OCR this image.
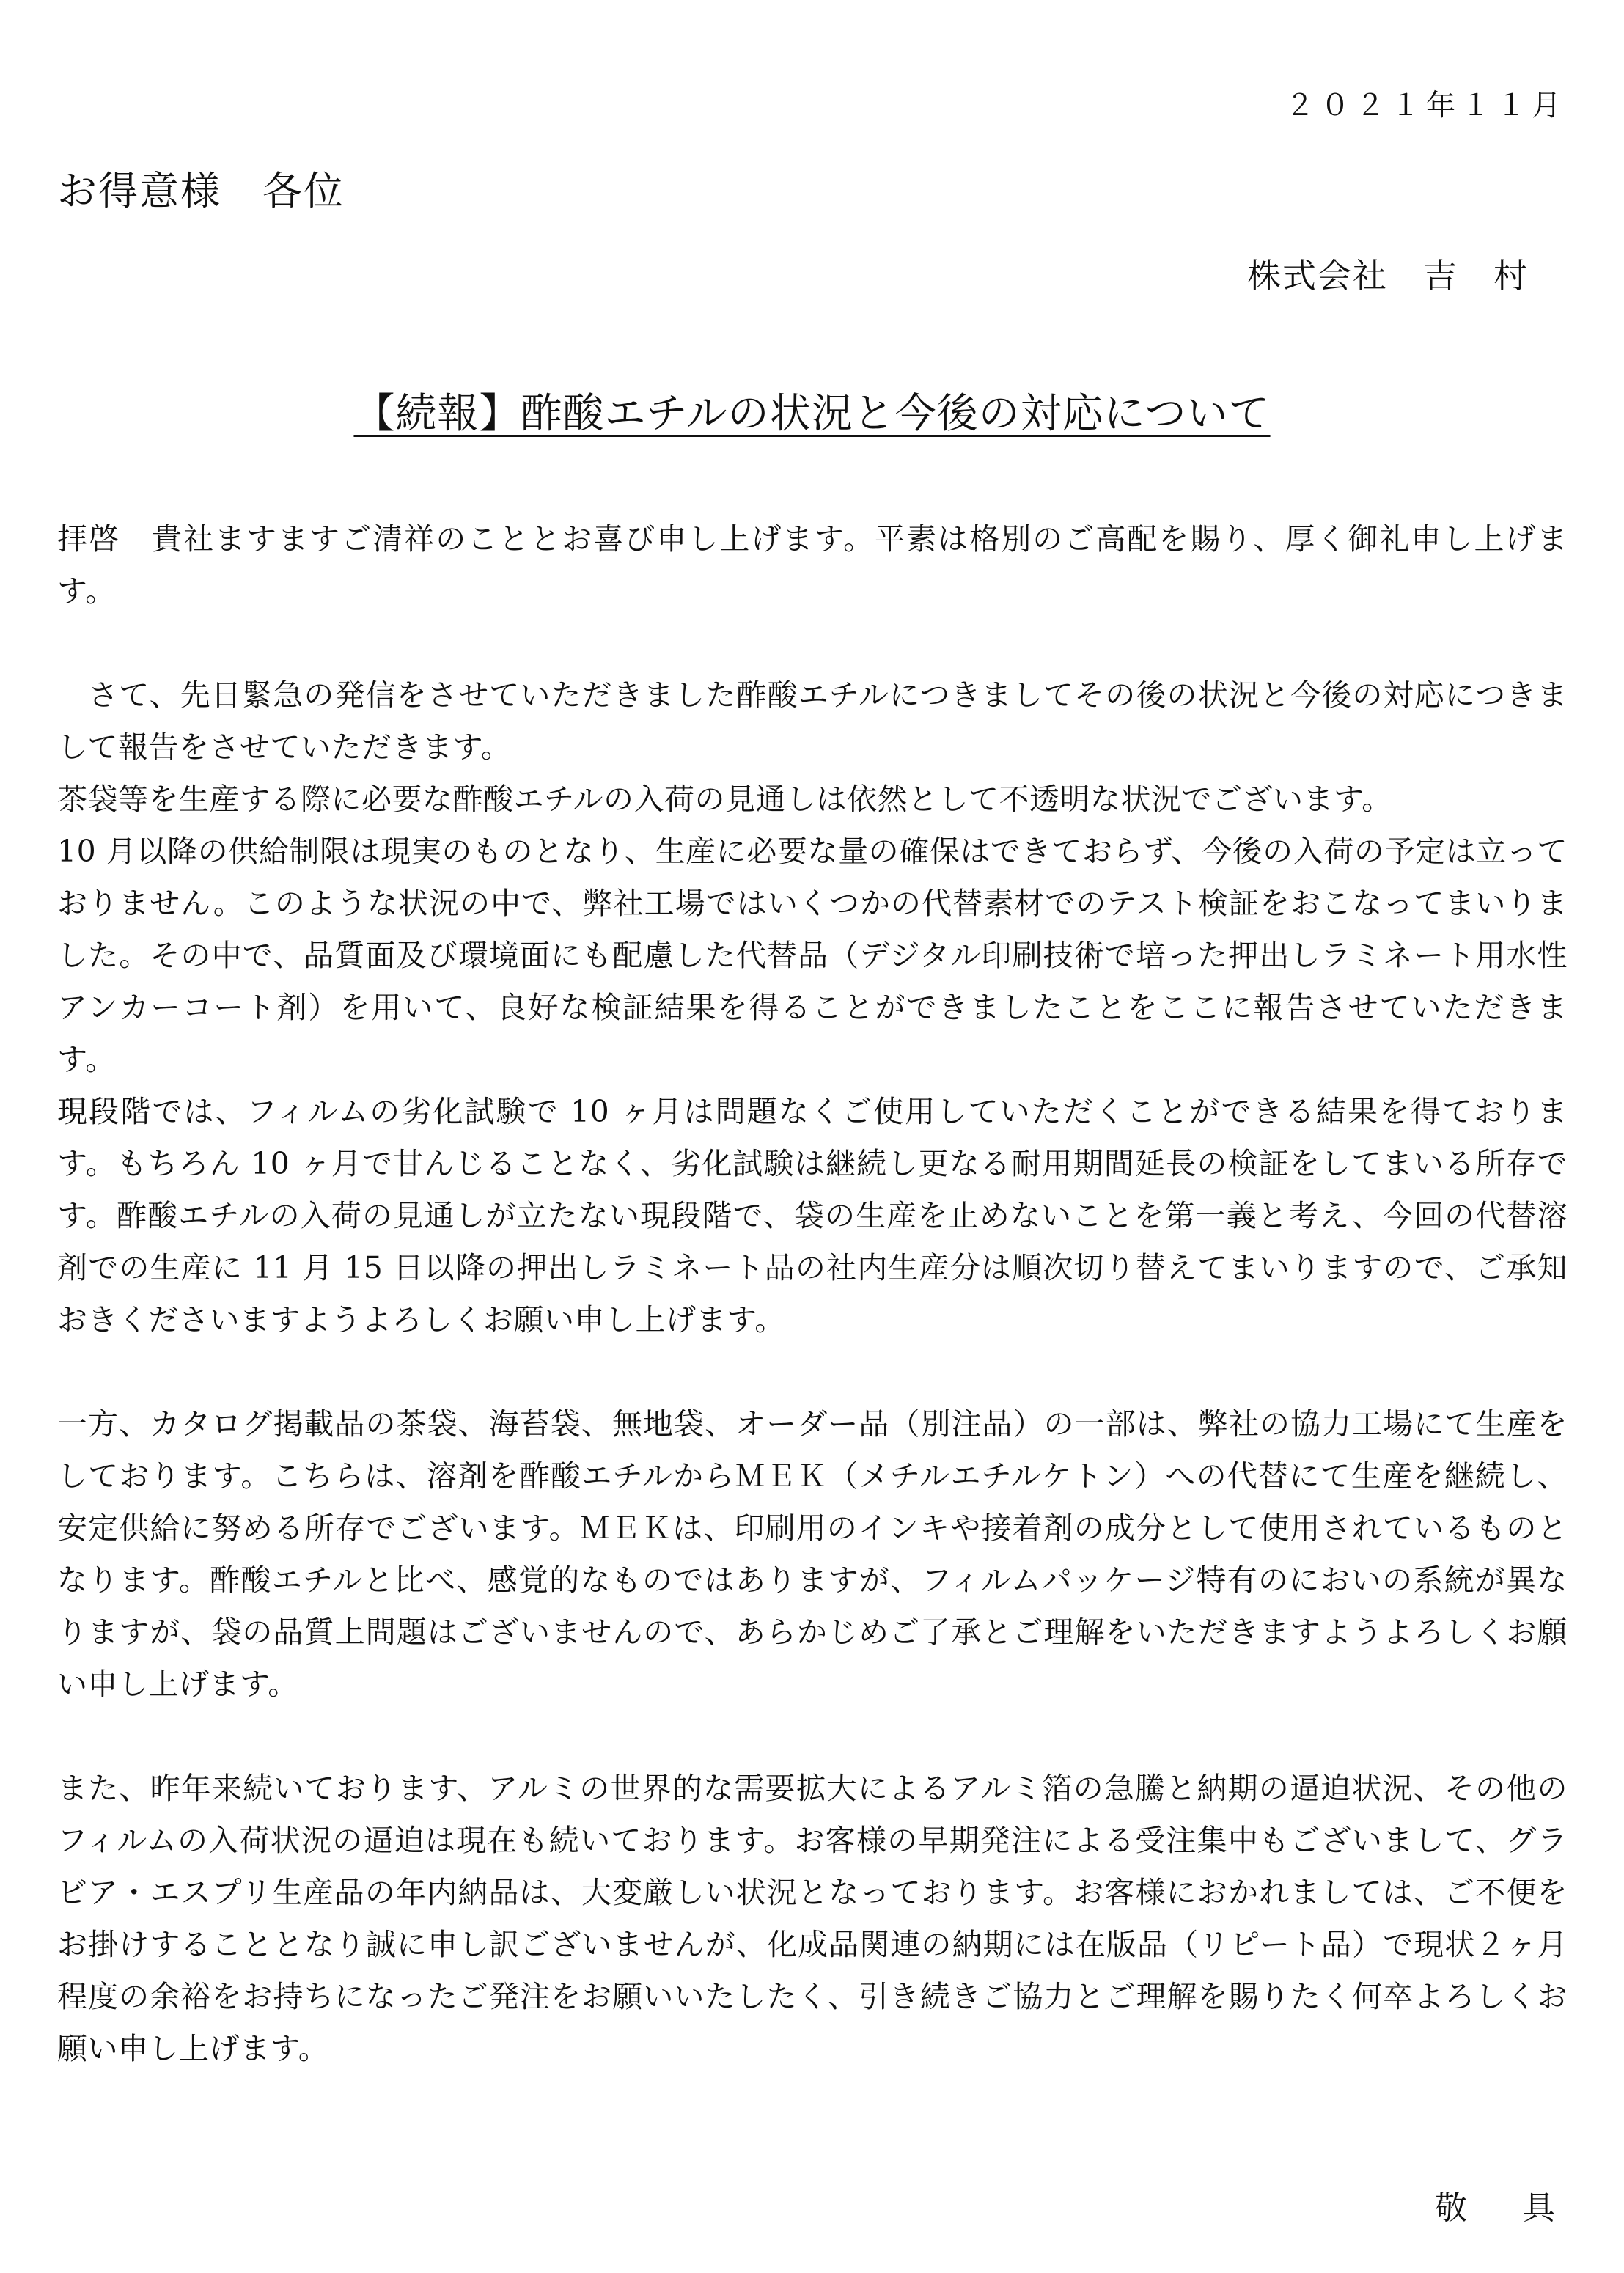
２０２１年１１月
お得意様　各位
株式会社　吉　村
【続報】酢酸エチルの状況と今後の対応について

拝啓　貴社ますますご清祥のこととお喜び申し上げます。平素は格別のご高配を賜り、厚く御礼申し上げます。

　さて、先日緊急の発信をさせていただきました酢酸エチルにつきましてその後の状況と今後の対応につきまして報告をさせていただきます。

茶袋等を生産する際に必要な酢酸エチルの入荷の見通しは依然として不透明な状況でございます。

10 月以降の供給制限は現実のものとなり、生産に必要な量の確保はできておらず、今後の入荷の予定は立っておりません。このような状況の中で、弊社工場ではいくつかの代替素材でのテスト検証をおこなってまいりました。その中で、品質面及び環境面にも配慮した代替品（デジタル印刷技術で培った押出しラミネート用水性アンカーコート剤）を用いて、良好な検証結果を得ることができましたことをここに報告させていただきます。

現段階では、フィルムの劣化試験で 10 ヶ月は問題なくご使用していただくことができる結果を得ております。もちろん 10 ヶ月で甘んじることなく、劣化試験は継続し更なる耐用期間延長の検証をしてまいる所存です。酢酸エチルの入荷の見通しが立たない現段階で、袋の生産を止めないことを第一義と考え、今回の代替溶剤での生産に 11 月 15 日以降の押出しラミネート品の社内生産分は順次切り替えてまいりますので、ご承知おきくださいますようよろしくお願い申し上げます。

一方、カタログ掲載品の茶袋、海苔袋、無地袋、オーダー品（別注品）の一部は、弊社の協力工場にて生産をしております。こちらは、溶剤を酢酸エチルからＭＥＫ（メチルエチルケトン）への代替にて生産を継続し、安定供給に努める所存でございます。ＭＥＫは、印刷用のインキや接着剤の成分として使用されているものとなります。酢酸エチルと比べ、感覚的なものではありますが、フィルムパッケージ特有のにおいの系統が異なりますが、袋の品質上問題はございませんので、あらかじめご了承とご理解をいただきますようよろしくお願い申し上げます。

また、昨年来続いております、アルミの世界的な需要拡大によるアルミ箔の急騰と納期の逼迫状況、その他のフィルムの入荷状況の逼迫は現在も続いております。お客様の早期発注による受注集中もございまして、グラビア・エスプリ生産品の年内納品は、大変厳しい状況となっております。お客様におかれましては、ご不便をお掛けすることとなり誠に申し訳ございませんが、化成品関連の納期には在版品（リピート品）で現状２ヶ月程度の余裕をお持ちになったご発注をお願いいたしたく、引き続きご協力とご理解を賜りたく何卒よろしくお願い申し上げます。

敬　具
